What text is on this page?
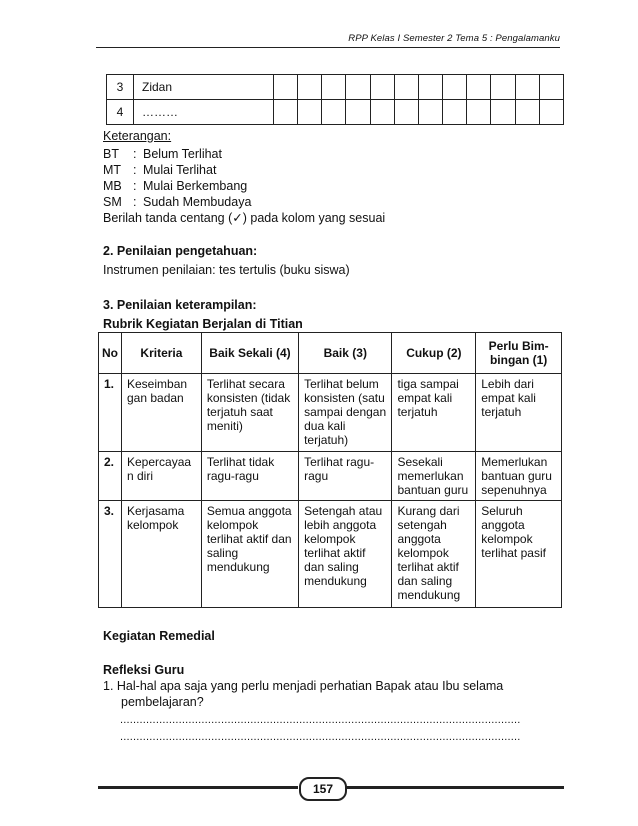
RPP Kelas I Semester 2 Tema 5 : Pengalamanku
3	Zidan												
4	………												
Keterangan:
BT : Belum Terlihat
MT : Mulai Terlihat
MB : Mulai Berkembang
SM : Sudah Membudaya
Berilah tanda centang (✓) pada kolom yang sesuai
2. Penilaian pengetahuan:
Instrumen penilaian: tes tertulis (buku siswa)
3. Penilaian keterampilan:
Rubrik Kegiatan Berjalan di Titian
No	Kriteria	Baik Sekali (4)	Baik (3)	Cukup (2)	Perlu Bim-bingan (1)
1.	Keseimban gan badan	Terlihat secara konsisten (tidak terjatuh saat meniti)	Terlihat belum konsisten (satu sampai dengan dua kali terjatuh)	tiga sampai empat kali terjatuh	Lebih dari empat kali terjatuh
2.	Kepercayaa n diri	Terlihat tidak ragu-ragu	Terlihat ragu-ragu	Sesekali memerlukan bantuan guru	Memerlukan bantuan guru sepenuhnya
3.	Kerjasama kelompok	Semua anggota kelompok terlihat aktif dan saling mendukung	Setengah atau lebih anggota kelompok terlihat aktif dan saling mendukung	Kurang dari setengah anggota kelompok terlihat aktif dan saling mendukung	Seluruh anggota kelompok terlihat pasif
Kegiatan Remedial
Refleksi Guru
1. Hal-hal apa saja yang perlu menjadi perhatian Bapak atau Ibu selama pembelajaran?
...........................................................................................................................
...........................................................................................................................
157
